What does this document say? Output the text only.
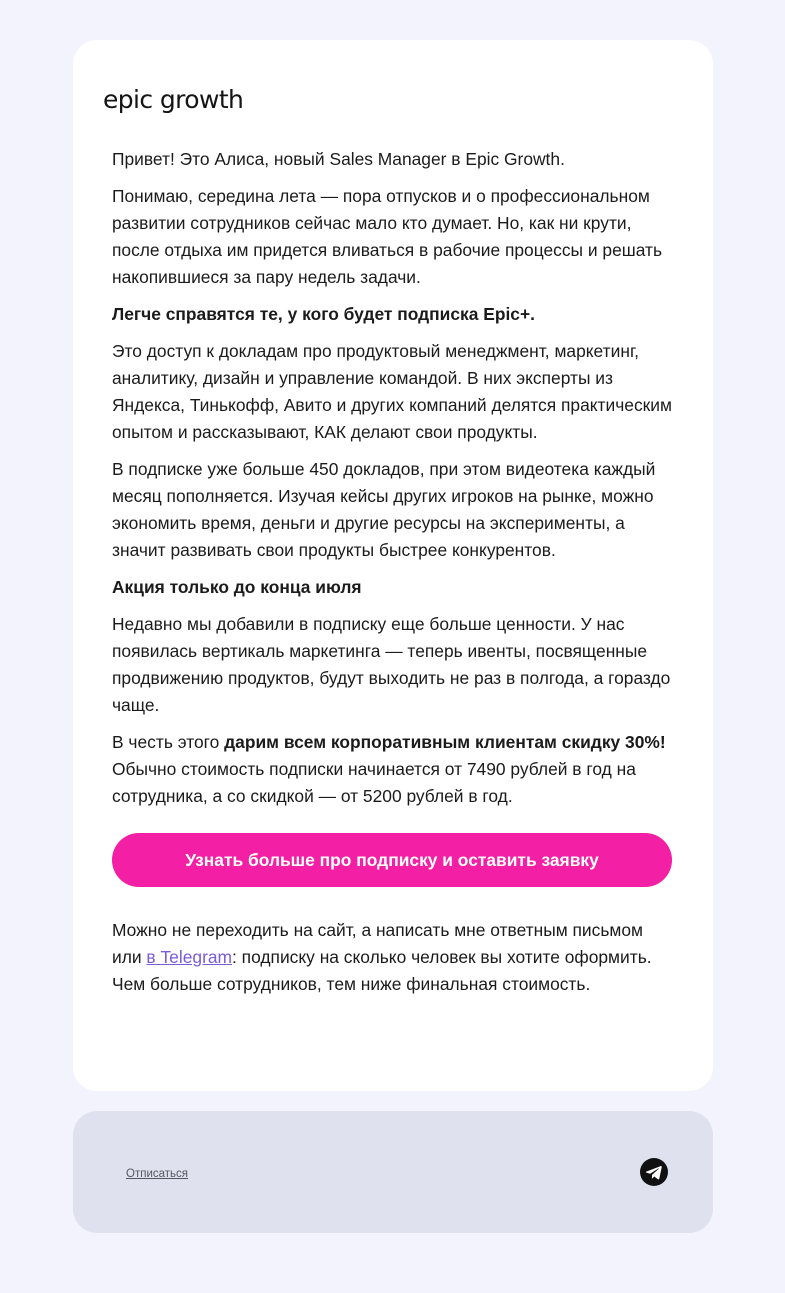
epic growth

Привет! Это Алиса, новый Sales Manager в Epic Growth.

Понимаю, середина лета — пора отпусков и о профессиональном развитии сотрудников сейчас мало кто думает. Но, как ни крути, после отдыха им придется вливаться в рабочие процессы и решать накопившиеся за пару недель задачи.

Легче справятся те, у кого будет подписка Epic+.

Это доступ к докладам про продуктовый менеджмент, маркетинг, аналитику, дизайн и управление командой. В них эксперты из Яндекса, Тинькофф, Авито и других компаний делятся практическим опытом и рассказывают, КАК делают свои продукты.

В подписке уже больше 450 докладов, при этом видеотека каждый месяц пополняется. Изучая кейсы других игроков на рынке, можно экономить время, деньги и другие ресурсы на эксперименты, а значит развивать свои продукты быстрее конкурентов.

Акция только до конца июля

Недавно мы добавили в подписку еще больше ценности. У нас появилась вертикаль маркетинга — теперь ивенты, посвященные продвижению продуктов, будут выходить не раз в полгода, а гораздо чаще.

В честь этого дарим всем корпоративным клиентам скидку 30%! Обычно стоимость подписки начинается от 7490 рублей в год на сотрудника, а со скидкой — от 5200 рублей в год.

Узнать больше про подписку и оставить заявку

Можно не переходить на сайт, а написать мне ответным письмом или в Telegram: подписку на сколько человек вы хотите оформить. Чем больше сотрудников, тем ниже финальная стоимость.

Отписаться
